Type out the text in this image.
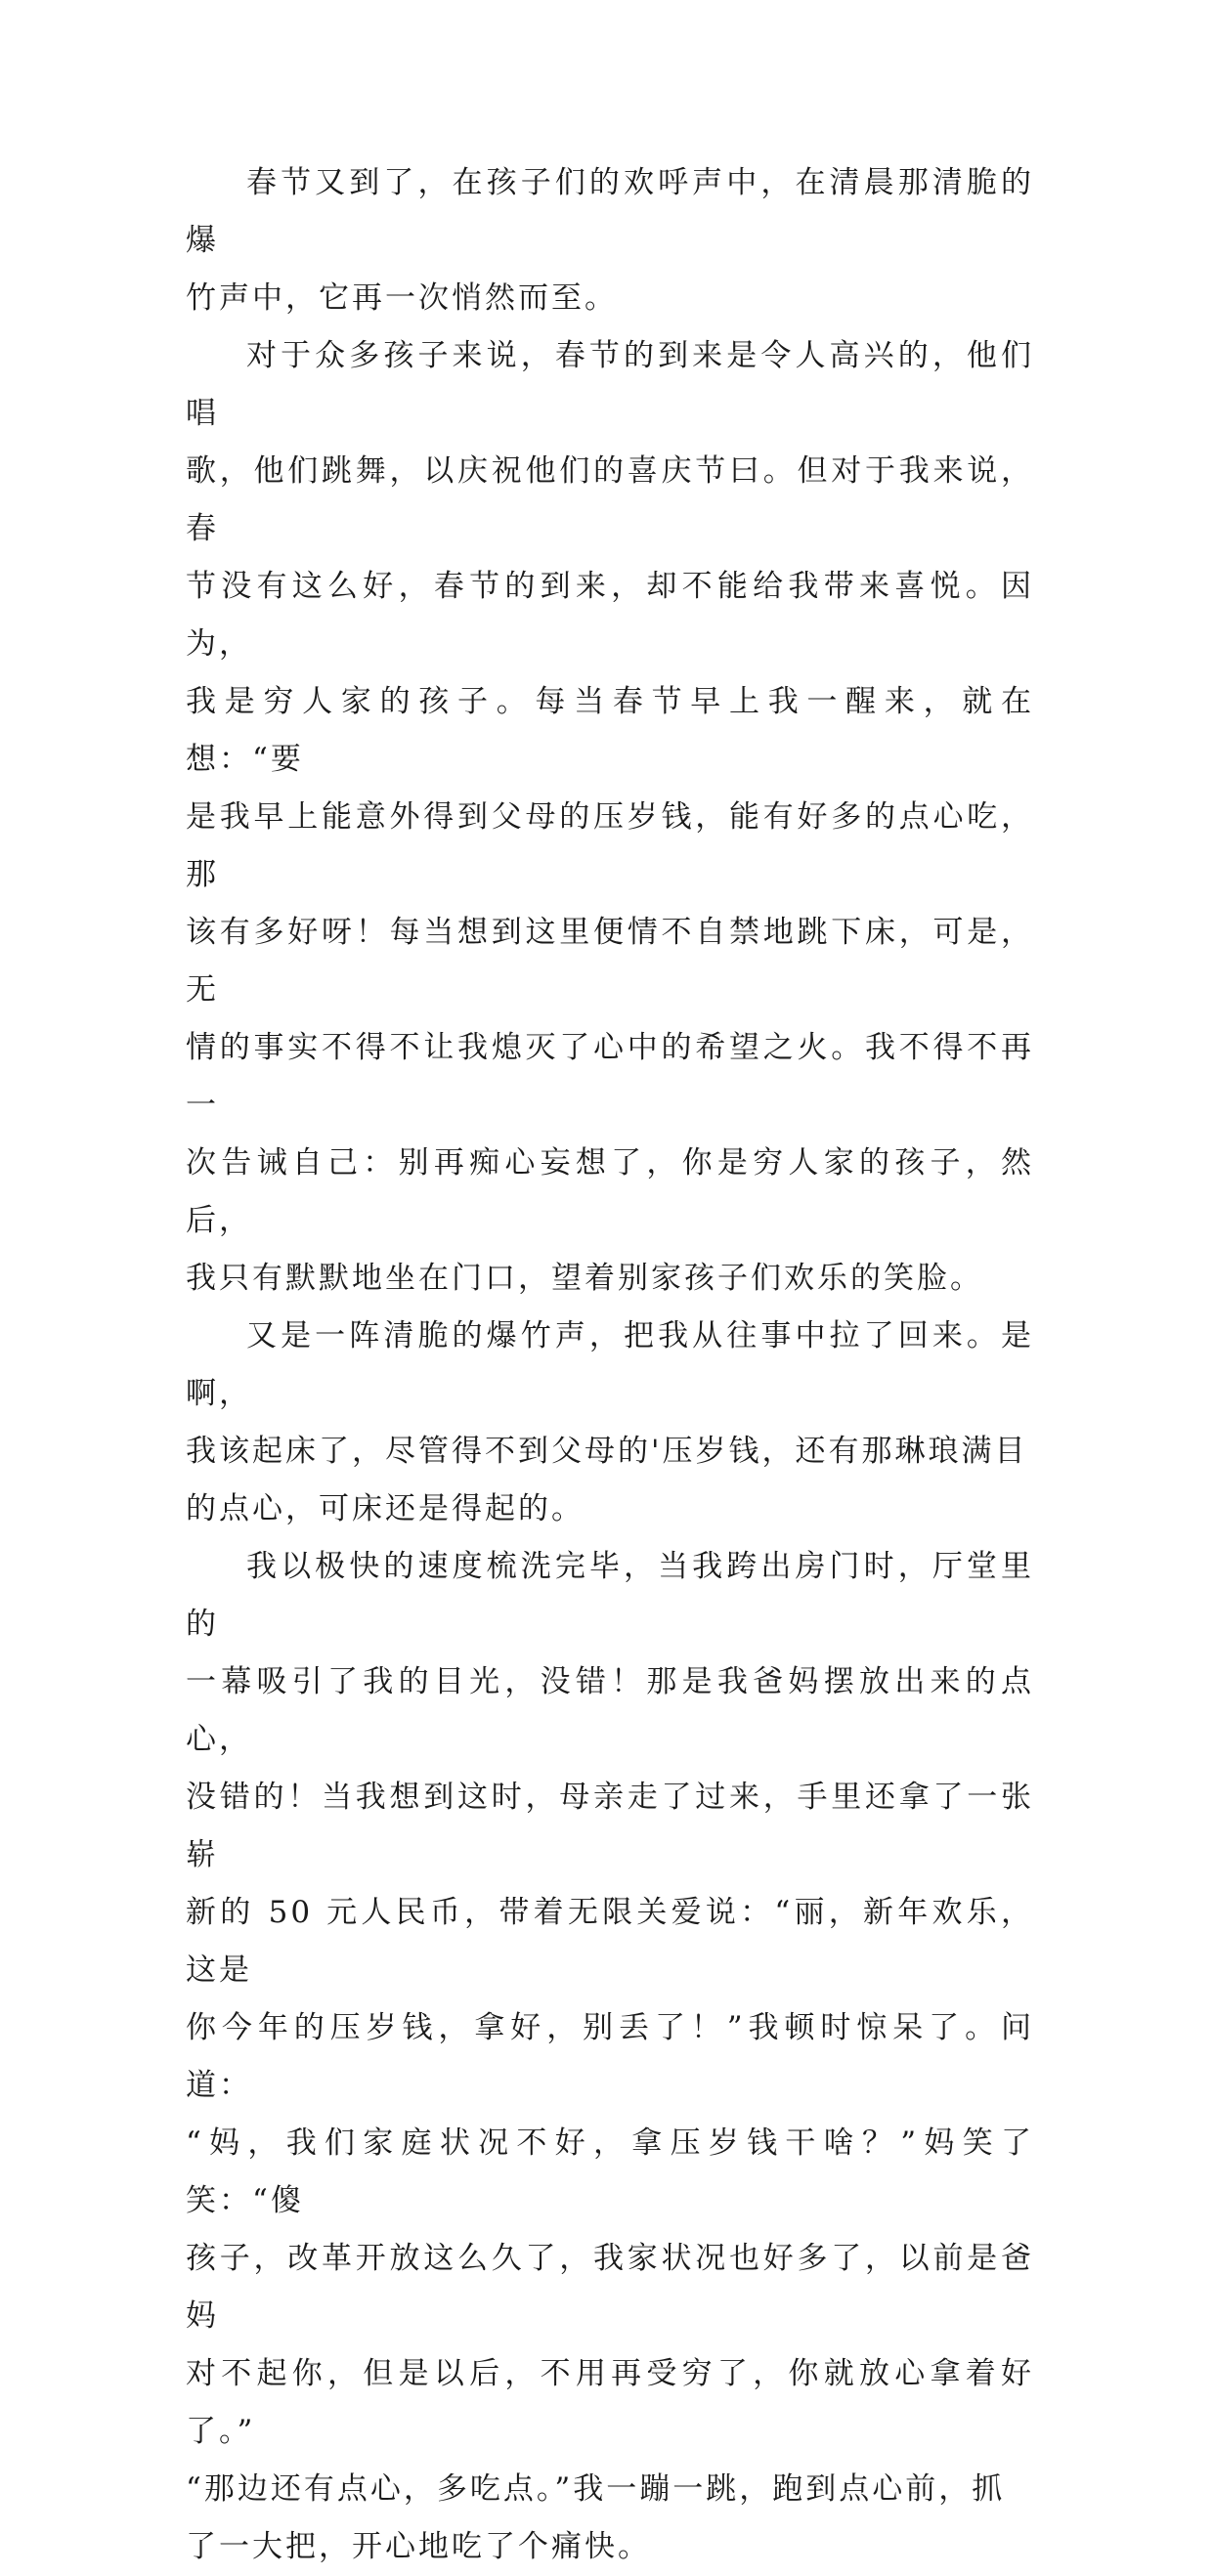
春节又到了，在孩子们的欢呼声中，在清晨那清脆的爆
竹声中，它再一次悄然而至。

对于众多孩子来说，春节的到来是令人高兴的，他们唱
歌，他们跳舞，以庆祝他们的喜庆节曰。但对于我来说，春
节没有这么好，春节的到来，却不能给我带来喜悦。因为，
我是穷人家的孩子。每当春节早上我一醒来，就在想：“要
是我早上能意外得到父母的压岁钱，能有好多的点心吃，那
该有多好呀！每当想到这里便情不自禁地跳下床，可是，无
情的事实不得不让我熄灭了心中的希望之火。我不得不再一
次告诫自己：别再痴心妄想了，你是穷人家的孩子，然后，
我只有默默地坐在门口，望着别家孩子们欢乐的笑脸。

又是一阵清脆的爆竹声，把我从往事中拉了回来。是啊，
我该起床了，尽管得不到父母的'压岁钱，还有那琳琅满目
的点心，可床还是得起的。

我以极快的速度梳洗完毕，当我跨出房门时，厅堂里的
一幕吸引了我的目光，没错！那是我爸妈摆放出来的点心，
没错的！当我想到这时，母亲走了过来，手里还拿了一张崭
新的 50 元人民币，带着无限关爱说：“丽，新年欢乐，这是
你今年的压岁钱，拿好，别丢了！”我顿时惊呆了。问道：

“妈，我们家庭状况不好，拿压岁钱干啥？”妈笑了笑：“傻
孩子，改革开放这么久了，我家状况也好多了，以前是爸妈
对不起你，但是以后，不用再受穷了，你就放心拿着好了。”
“那边还有点心，多吃点。”我一蹦一跳，跑到点心前，抓
了一大把，开心地吃了个痛快。
